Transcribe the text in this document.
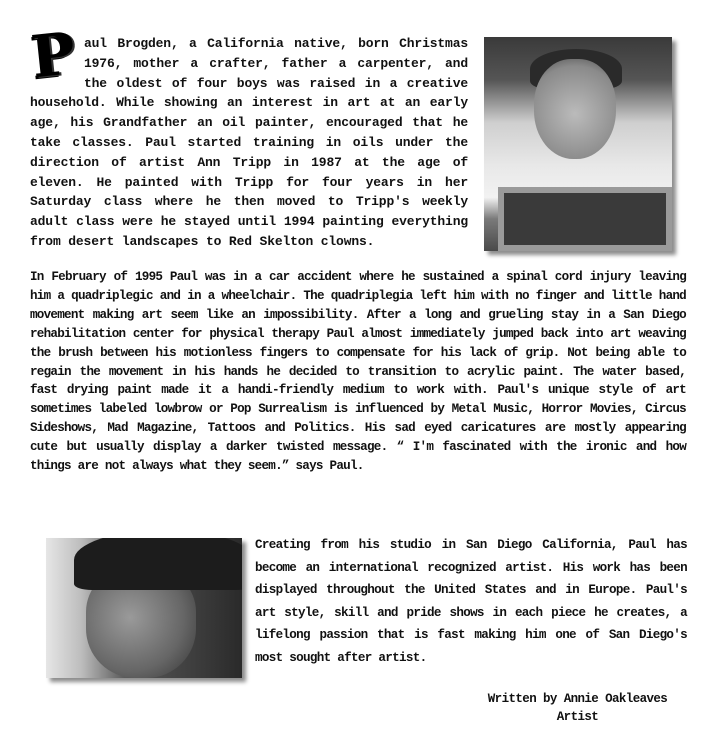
Paul Brogden, a California native, born Christmas 1976, mother a crafter, father a carpenter, and the oldest of four boys was raised in a creative household. While showing an interest in art at an early age, his Grandfather an oil painter, encouraged that he take classes. Paul started training in oils under the direction of artist Ann Tripp in 1987 at the age of eleven. He painted with Tripp for four years in her Saturday class where he then moved to Tripp's weekly adult class were he stayed until 1994 painting everything from desert landscapes to Red Skelton clowns.
In February of 1995 Paul was in a car accident where he sustained a spinal cord injury leaving him a quadriplegic and in a wheelchair. The quadriplegia left him with no finger and little hand movement making art seem like an impossibility. After a long and grueling stay in a San Diego rehabilitation center for physical therapy Paul almost immediately jumped back into art weaving the brush between his motionless fingers to compensate for his lack of grip. Not being able to regain the movement in his hands he decided to transition to acrylic paint. The water based, fast drying paint made it a handi-friendly medium to work with. Paul's unique style of art sometimes labeled lowbrow or Pop Surrealism is influenced by Metal Music, Horror Movies, Circus Sideshows, Mad Magazine, Tattoos and Politics. His sad eyed caricatures are mostly appearing cute but usually display a darker twisted message. “ I'm fascinated with the ironic and how things are not always what they seem.” says Paul.
Creating from his studio in San Diego California, Paul has become an international recognized artist. His work has been displayed throughout the United States and in Europe. Paul's art style, skill and pride shows in each piece he creates, a lifelong passion that is fast making him one of San Diego's most sought after artist.
Written by Annie Oakleaves
Artist
